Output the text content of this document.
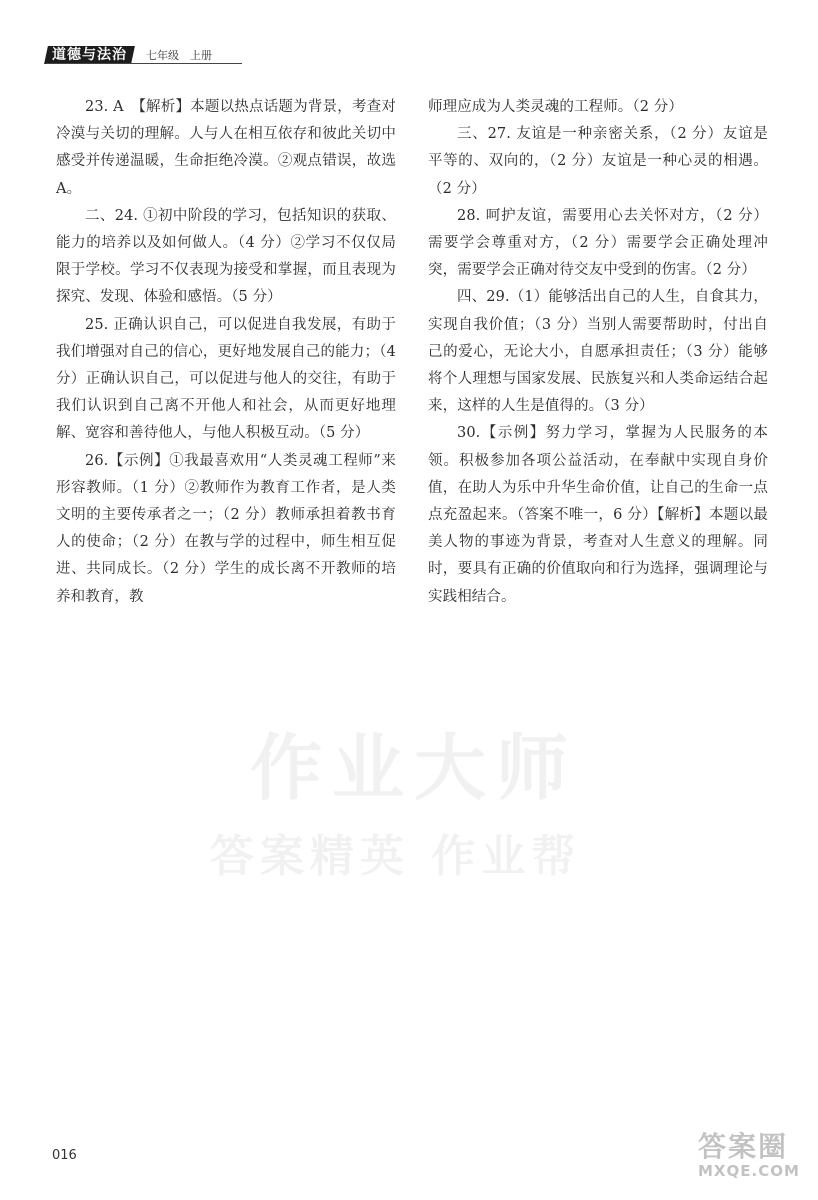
道德与法治	七年级　上册
作业大师
答案精英 作业帮

23. A　【解析】本题以热点话题为背景，考查对冷漠与关切的理解。人与人在相互依存和彼此关切中感受并传递温暖，生命拒绝冷漠。②观点错误，故选 A。

二、24. ①初中阶段的学习，包括知识的获取、能力的培养以及如何做人。（4 分）②学习不仅仅局限于学校。学习不仅表现为接受和掌握，而且表现为探究、发现、体验和感悟。（5 分）

25. 正确认识自己，可以促进自我发展，有助于我们增强对自己的信心，更好地发展自己的能力；（4 分）正确认识自己，可以促进与他人的交往，有助于我们认识到自己离不开他人和社会，从而更好地理解、宽容和善待他人，与他人积极互动。（5 分）

26.【示例】①我最喜欢用“人类灵魂工程师”来形容教师。（1 分）②教师作为教育工作者，是人类文明的主要传承者之一；（2 分）教师承担着教书育人的使命；（2 分）在教与学的过程中，师生相互促进、共同成长。（2 分）学生的成长离不开教师的培养和教育，教

师理应成为人类灵魂的工程师。（2 分）

三、27. 友谊是一种亲密关系，（2 分）友谊是平等的、双向的，（2 分）友谊是一种心灵的相遇。（2 分）

28. 呵护友谊，需要用心去关怀对方，（2 分）需要学会尊重对方，（2 分）需要学会正确处理冲突，需要学会正确对待交友中受到的伤害。（2 分）

四、29.（1）能够活出自己的人生，自食其力，实现自我价值；（3 分）当别人需要帮助时，付出自己的爱心，无论大小，自愿承担责任；（3 分）能够将个人理想与国家发展、民族复兴和人类命运结合起来，这样的人生是值得的。（3 分）

30.【示例】努力学习，掌握为人民服务的本领。积极参加各项公益活动，在奉献中实现自身价值，在助人为乐中升华生命价值，让自己的生命一点点充盈起来。（答案不唯一，6 分）【解析】本题以最美人物的事迹为背景，考查对人生意义的理解。同时，要具有正确的价值取向和行为选择，强调理论与实践相结合。

016	答案圈
MXQE.COM
